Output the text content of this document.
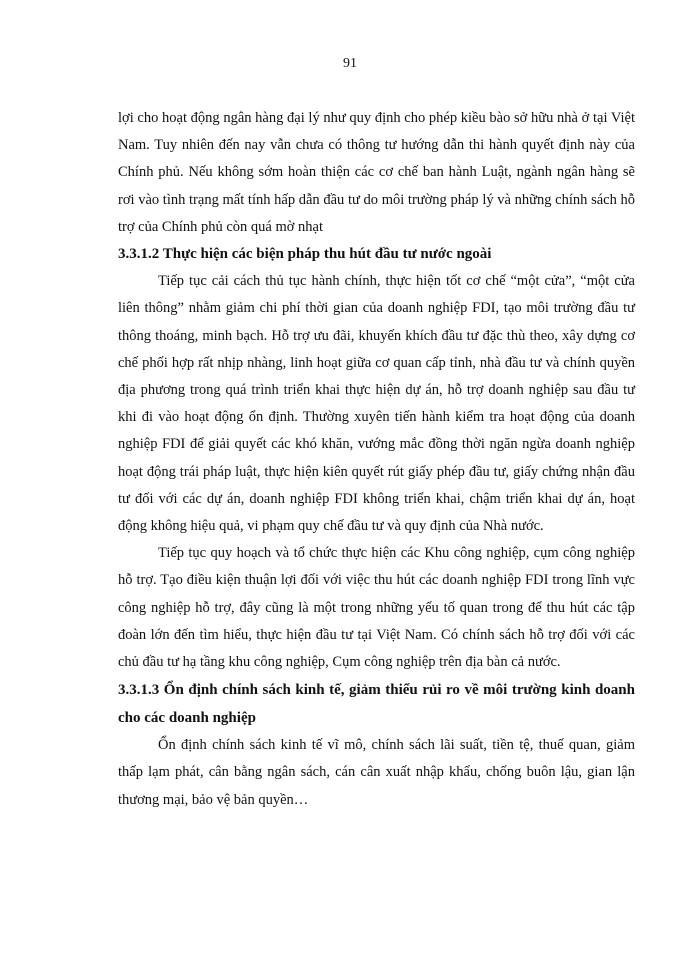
91

lợi cho hoạt động ngân hàng đại lý như quy định cho phép kiều bào sở hữu nhà ở tại Việt Nam. Tuy nhiên đến nay vẫn chưa có thông tư hướng dẫn thi hành quyết định này của Chính phủ. Nếu không sớm hoàn thiện các cơ chế ban hành Luật, ngành ngân hàng sẽ rơi vào tình trạng mất tính hấp dẫn đầu tư do môi trường pháp lý và những chính sách hỗ trợ của Chính phủ còn quá mờ nhạt

3.3.1.2 Thực hiện các biện pháp thu hút đầu tư nước ngoài

Tiếp tục cải cách thủ tục hành chính, thực hiện tốt cơ chế “một cửa”, “một cửa liên thông” nhằm giảm chi phí thời gian của doanh nghiệp FDI, tạo môi trường đầu tư thông thoáng, minh bạch. Hỗ trợ ưu đãi, khuyến khích đầu tư đặc thù theo, xây dựng cơ chế phối hợp rất nhịp nhàng, linh hoạt giữa cơ quan cấp tỉnh, nhà đầu tư và chính quyền địa phương trong quá trình triển khai thực hiện dự án, hỗ trợ doanh nghiệp sau đầu tư khi đi vào hoạt động ổn định. Thường xuyên tiến hành kiểm tra hoạt động của doanh nghiệp FDI để giải quyết các khó khăn, vướng mắc đồng thời ngăn ngừa doanh nghiệp hoạt động trái pháp luật, thực hiện kiên quyết rút giấy phép đầu tư, giấy chứng nhận đầu tư đối với các dự án, doanh nghiệp FDI không triển khai, chậm triển khai dự án, hoạt động không hiệu quả, vi phạm quy chế đầu tư và quy định của Nhà nước.

Tiếp tục quy hoạch và tổ chức thực hiện các Khu công nghiệp, cụm công nghiệp hỗ trợ. Tạo điều kiện thuận lợi đối với việc thu hút các doanh nghiệp FDI trong lĩnh vực công nghiệp hỗ trợ, đây cũng là một trong những yếu tố quan trong để thu hút các tập đoàn lớn đến tìm hiểu, thực hiện đầu tư tại Việt Nam. Có chính sách hỗ trợ đối với các chủ đầu tư hạ tầng khu công nghiệp, Cụm công nghiệp trên địa bàn cả nước.

3.3.1.3 Ổn định chính sách kinh tế, giảm thiểu rủi ro về môi trường kinh doanh cho các doanh nghiệp

Ổn định chính sách kinh tế vĩ mô, chính sách lãi suất, tiền tệ, thuế quan, giảm thấp lạm phát, cân bằng ngân sách, cán cân xuất nhập khẩu, chống buôn lậu, gian lận thương mại, bảo vệ bản quyền…
